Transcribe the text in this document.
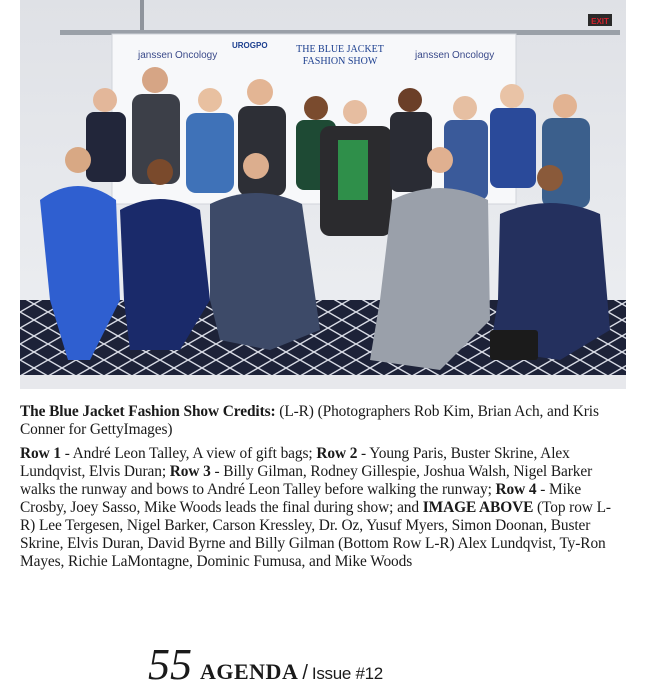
janssen Oncology
UROGPO	THE BLUE JACKET
FASHION SHOW
janssen Oncology
EXIT

The Blue Jacket Fashion Show Credits: (L-R) (Photographers Rob Kim, Brian Ach, and Kris Conner for GettyImages)

Row 1 - André Leon Talley, A view of gift bags; Row 2 - Young Paris, Buster Skrine, Alex Lundqvist, Elvis Duran; Row 3 - Billy Gilman, Rodney Gillespie, Joshua Walsh, Nigel Barker walks the runway and bows to André Leon Talley before walking the runway; Row 4 - Mike Crosby, Joey Sasso, Mike Woods leads the final during show; and IMAGE ABOVE (Top row L-R) Lee Tergesen, Nigel Barker, Carson Kressley, Dr. Oz, Yusuf Myers, Simon Doonan, Buster Skrine, Elvis Duran, David Byrne and Billy Gilman (Bottom Row L-R) Alex Lundqvist, Ty-Ron Mayes, Richie LaMontagne, Dominic Fumusa, and Mike Woods

55 AGENDA / Issue #12
